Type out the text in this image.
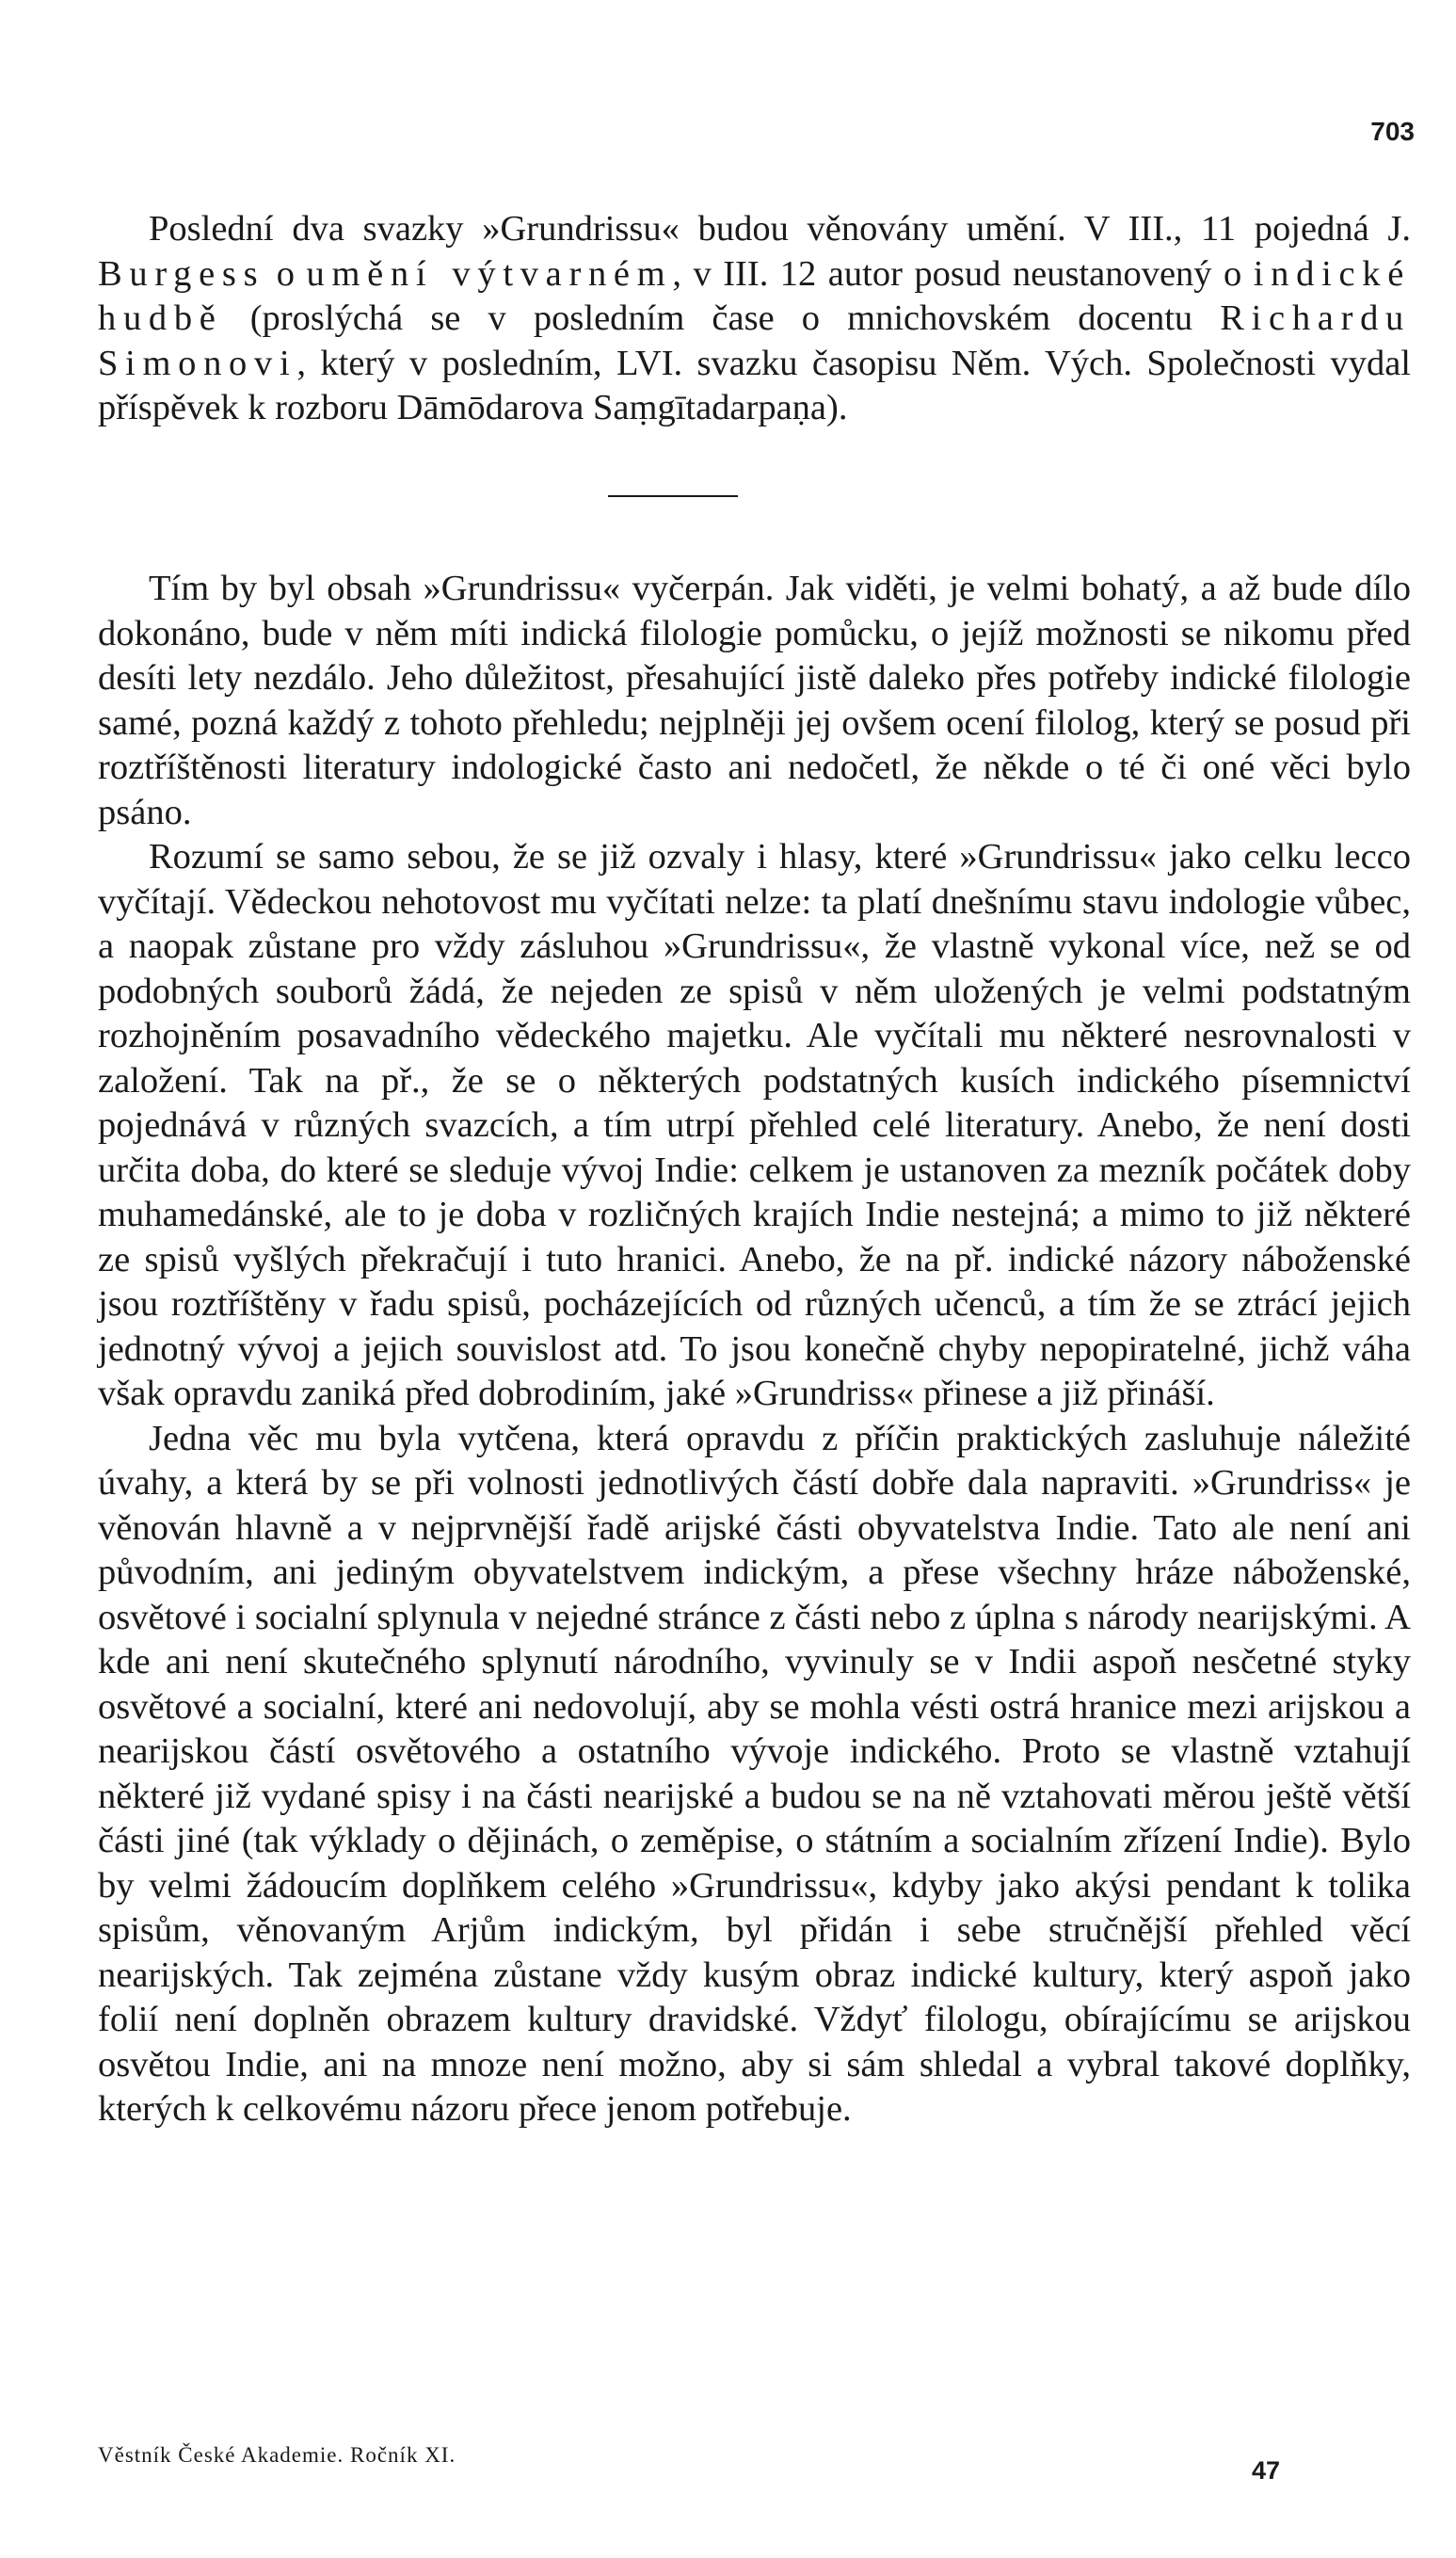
703

Poslední dva svazky »Grundrissu« budou věnovány umění. V III., 11 pojedná J. Burgess o umění výtvarném, v III. 12 autor posud neustanovený o indické hudbě (proslýchá se v posledním čase o mnichovském docentu Richardu Simonovi, který v posledním, LVI. svazku časopisu Něm. Vých. Společnosti vydal příspěvek k rozboru Dāmōdarova Saṃgītadarpaṇa).

Tím by byl obsah »Grundrissu« vyčerpán. Jak viděti, je velmi bohatý, a až bude dílo dokonáno, bude v něm míti indická filologie pomůcku, o jejíž možnosti se nikomu před desíti lety nezdálo. Jeho důležitost, přesahující jistě daleko přes potřeby indické filologie samé, pozná každý z tohoto přehledu; nejplněji jej ovšem ocení filolog, který se posud při roztříštěnosti literatury indologické často ani nedočetl, že někde o té či oné věci bylo psáno.

Rozumí se samo sebou, že se již ozvaly i hlasy, které »Grundrissu« jako celku lecco vyčítají. Vědeckou nehotovost mu vyčítati nelze: ta platí dnešnímu stavu indologie vůbec, a naopak zůstane pro vždy zásluhou »Grundrissu«, že vlastně vykonal více, než se od podobných souborů žádá, že nejeden ze spisů v něm uložených je velmi podstatným rozhojněním posavadního vědeckého majetku. Ale vyčítali mu některé nesrovnalosti v založení. Tak na př., že se o některých podstatných kusích indického písemnictví pojednává v různých svazcích, a tím utrpí přehled celé literatury. Anebo, že není dosti určita doba, do které se sleduje vývoj Indie: celkem je ustanoven za mezník počátek doby muhamedánské, ale to je doba v rozličných krajích Indie nestejná; a mimo to již některé ze spisů vyšlých překračují i tuto hranici. Anebo, že na př. indické názory náboženské jsou roztříštěny v řadu spisů, pocházejících od různých učenců, a tím že se ztrácí jejich jednotný vývoj a jejich souvislost atd. To jsou konečně chyby nepopiratelné, jichž váha však opravdu zaniká před dobrodiním, jaké »Grundriss« přinese a již přináší.

Jedna věc mu byla vytčena, která opravdu z příčin praktických zasluhuje náležité úvahy, a která by se při volnosti jednotlivých částí dobře dala napraviti. »Grundriss« je věnován hlavně a v nejprvnější řadě arijské části obyvatelstva Indie. Tato ale není ani původním, ani jediným obyvatelstvem indickým, a přese všechny hráze náboženské, osvětové i socialní splynula v nejedné stránce z části nebo z úplna s národy nearijskými. A kde ani není skutečného splynutí národního, vyvinuly se v Indii aspoň nesčetné styky osvětové a socialní, které ani nedovolují, aby se mohla vésti ostrá hranice mezi arijskou a nearijskou částí osvětového a ostatního vývoje indického. Proto se vlastně vztahují některé již vydané spisy i na části nearijské a budou se na ně vztahovati měrou ještě větší části jiné (tak výklady o dějinách, o zeměpise, o státním a socialním zřízení Indie). Bylo by velmi žádoucím doplňkem celého »Grundrissu«, kdyby jako akýsi pendant k tolika spisům, věnovaným Arjům indickým, byl přidán i sebe stručnější přehled věcí nearijských. Tak zejména zůstane vždy kusým obraz indické kultury, který aspoň jako folií není doplněn obrazem kultury dravidské. Vždyť filologu, obírajícímu se arijskou osvětou Indie, ani na mnoze není možno, aby si sám shledal a vybral takové doplňky, kterých k celkovému názoru přece jenom potřebuje.

Věstník České Akademie. Ročník XI.
47
